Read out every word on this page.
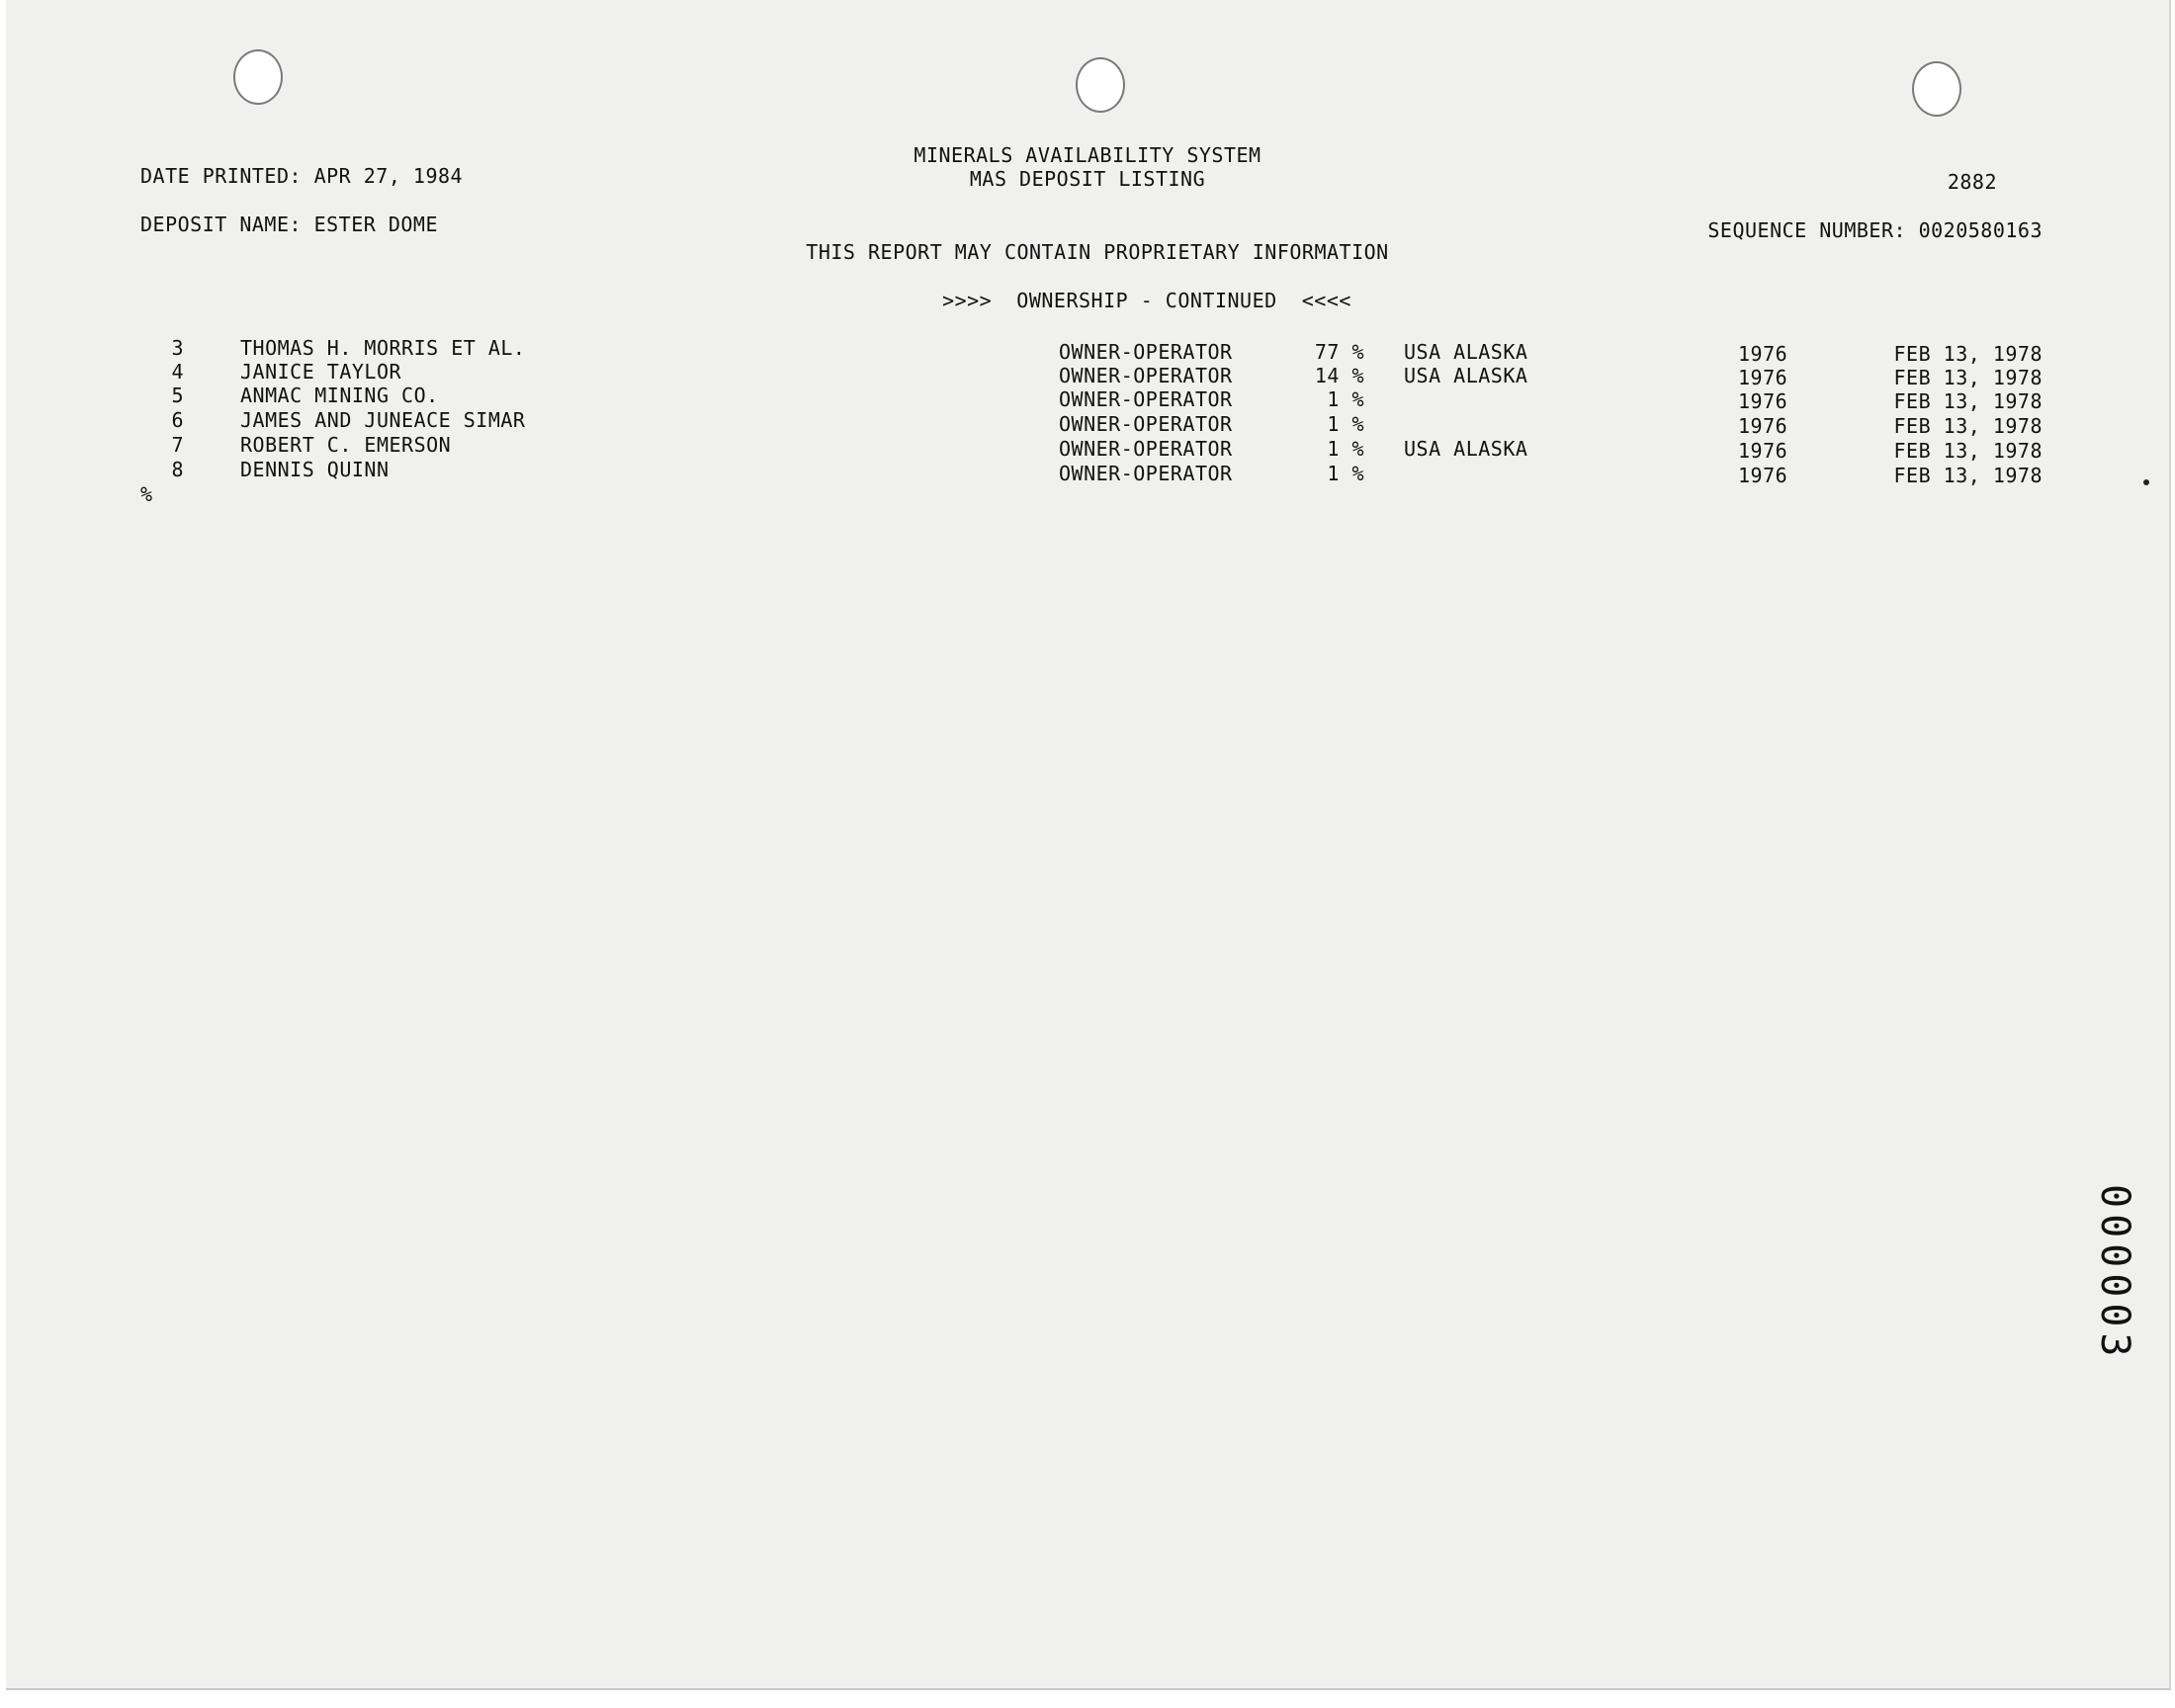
DATE PRINTED: APR 27, 1984
MINERALS AVAILABILITY SYSTEM
MAS DEPOSIT LISTING	2882
DEPOSIT NAME: ESTER DOME	SEQUENCE NUMBER: 0020580163
THIS REPORT MAY CONTAIN PROPRIETARY INFORMATION
>>>>  OWNERSHIP - CONTINUED  <<<<
3	THOMAS H. MORRIS ET AL.	OWNER-OPERATOR	77 % USA ALASKA	1976	FEB 13, 1978
4	JANICE TAYLOR	OWNER-OPERATOR	14 % USA ALASKA	1976	FEB 13, 1978
5	ANMAC MINING CO.	OWNER-OPERATOR	1 %	1976	FEB 13, 1978
6	JAMES AND JUNEACE SIMAR	OWNER-OPERATOR	1 %	1976	FEB 13, 1978
7	ROBERT C. EMERSON	OWNER-OPERATOR	1 % USA ALASKA	1976	FEB 13, 1978
8	DENNIS QUINN	OWNER-OPERATOR	1 %	1976	FEB 13, 1978
%
000003
